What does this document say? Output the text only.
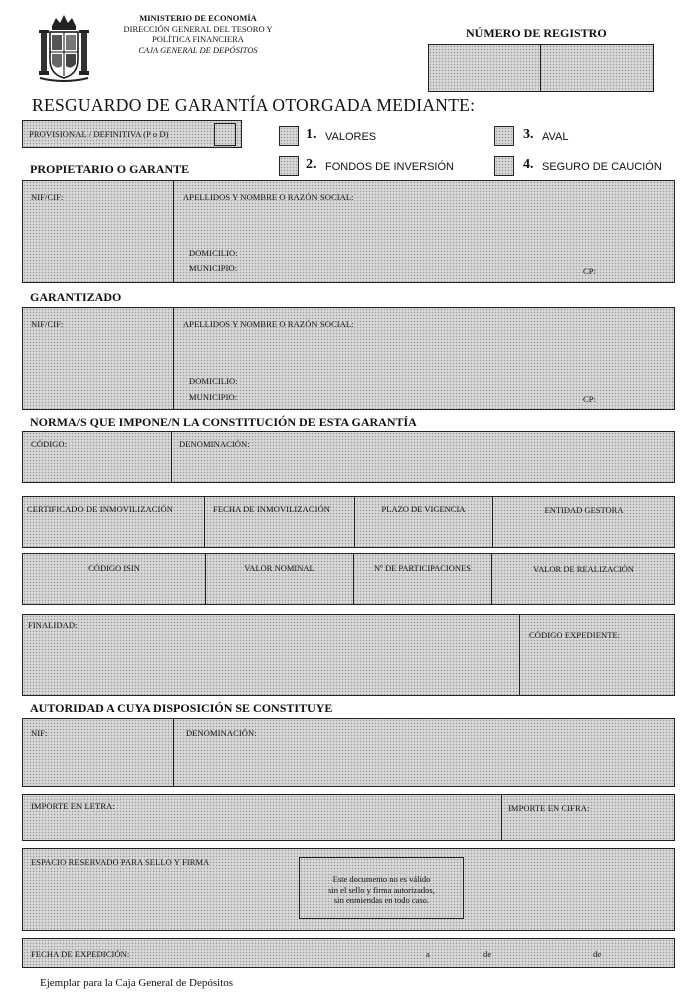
MINISTERIO DE ECONOMÍA
DIRECCIÓN GENERAL DEL TESORO Y
POLÍTICA FINANCIERA
CAJA GENERAL DE DEPÓSITOS
NÚMERO DE REGISTRO
RESGUARDO DE GARANTÍA OTORGADA MEDIANTE:
PROVISIONAL / DEFINITIVA (P o D)	1. VALORES
2. FONDOS DE INVERSIÓN
3. AVAL
4. SEGURO DE CAUCIÓN
PROPIETARIO O GARANTE
NIF/CIF:	APELLIDOS Y NOMBRE O RAZÓN SOCIAL:
DOMICILIO:
MUNICIPIO:	CP:
GARANTIZADO
NIF/CIF:	APELLIDOS Y NOMBRE O RAZÓN SOCIAL:
DOMICILIO:
MUNICIPIO:	CP:
NORMA/S QUE IMPONE/N LA CONSTITUCIÓN DE ESTA GARANTÍA
CÓDIGO:	DENOMINACIÓN:
CERTIFICADO DE INMOVILIZACIÓN	FECHA DE INMOVILIZACIÓN	PLAZO DE VIGENCIA	ENTIDAD GESTORA
CÓDIGO ISIN	VALOR NOMINAL	Nº DE PARTICIPACIONES	VALOR DE REALIZACIÓN
FINALIDAD:
CÓDIGO EXPEDIENTE:
AUTORIDAD A CUYA DISPOSICIÓN SE CONSTITUYE
NIF:	DENOMINACIÓN:
IMPORTE EN LETRA:	IMPORTE EN CIFRA:
ESPACIO RESERVADO PARA SELLO Y FIRMA
Este documento no es válido
sin el sello y firma autorizados,
sin enmiendas en todo caso.
FECHA DE EXPEDICIÓN:	a	de	de
Ejemplar para la Caja General de Depósitos
